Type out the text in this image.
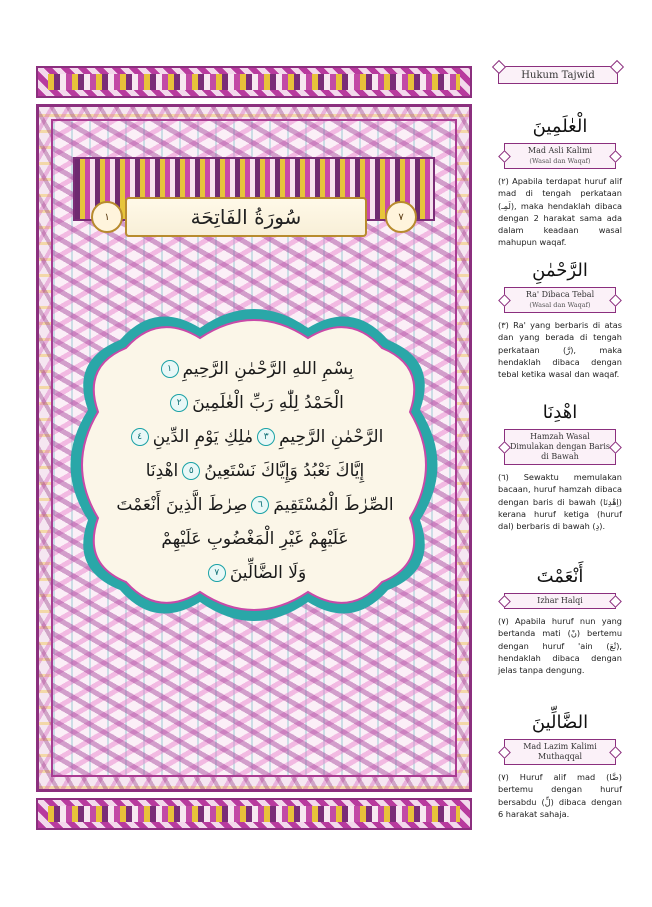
١	سُورَةُ الفَاتِحَة	٧
بِسْمِ اللهِ الرَّحْمٰنِ الرَّحِيمِ
١
الْحَمْدُ لِلّٰهِ رَبِّ الْعٰلَمِينَ
٢
الرَّحْمٰنِ الرَّحِيمِ
٣
مٰلِكِ يَوْمِ الدِّينِ
٤
إِيَّاكَ نَعْبُدُ وَإِيَّاكَ نَسْتَعِينُ
٥
اهْدِنَا
الصِّرٰطَ الْمُسْتَقِيمَ
٦
صِرٰطَ الَّذِينَ أَنْعَمْتَ
عَلَيْهِمْ غَيْرِ الْمَغْضُوبِ عَلَيْهِمْ
وَلَا الضَّالِّينَ
٧
Hukum Tajwid
الْعٰلَمِينَ
Mad Asli Kalimi
(Wasal dan Waqaf)
(٢) Apabila terdapat huruf alif mad di tengah perkataan (لَمِـ), maka hendaklah dibaca dengan 2 harakat sama ada dalam keadaan wasal mahupun waqaf.
الرَّحْمٰنِ
Ra' Dibaca Tebal
(Wasal dan Waqaf)
(٣) Ra' yang berbaris di atas dan yang berada di tengah perkataan (رَّ), maka hendaklah dibaca dengan tebal ketika wasal dan waqaf.
اهْدِنَا
Hamzah Wasal Dimulakan dengan Baris di Bawah
(٦) Sewaktu memulakan bacaan, huruf hamzah dibaca dengan baris di bawah (اِهْدِنَا) kerana huruf ketiga (huruf dal) berbaris di bawah (دِ).
أَنْعَمْتَ
Izhar Halqi
(٧) Apabila huruf nun yang bertanda mati (نْ) bertemu dengan huruf 'ain (نْعَ), hendaklah dibaca dengan jelas tanpa dengung.
الضَّالِّينَ
Mad Lazim Kalimi Muthaqqal
(٧) Huruf alif mad (ضَّا) bertemu dengan huruf bersabdu (لِّ) dibaca dengan 6 harakat sahaja.
